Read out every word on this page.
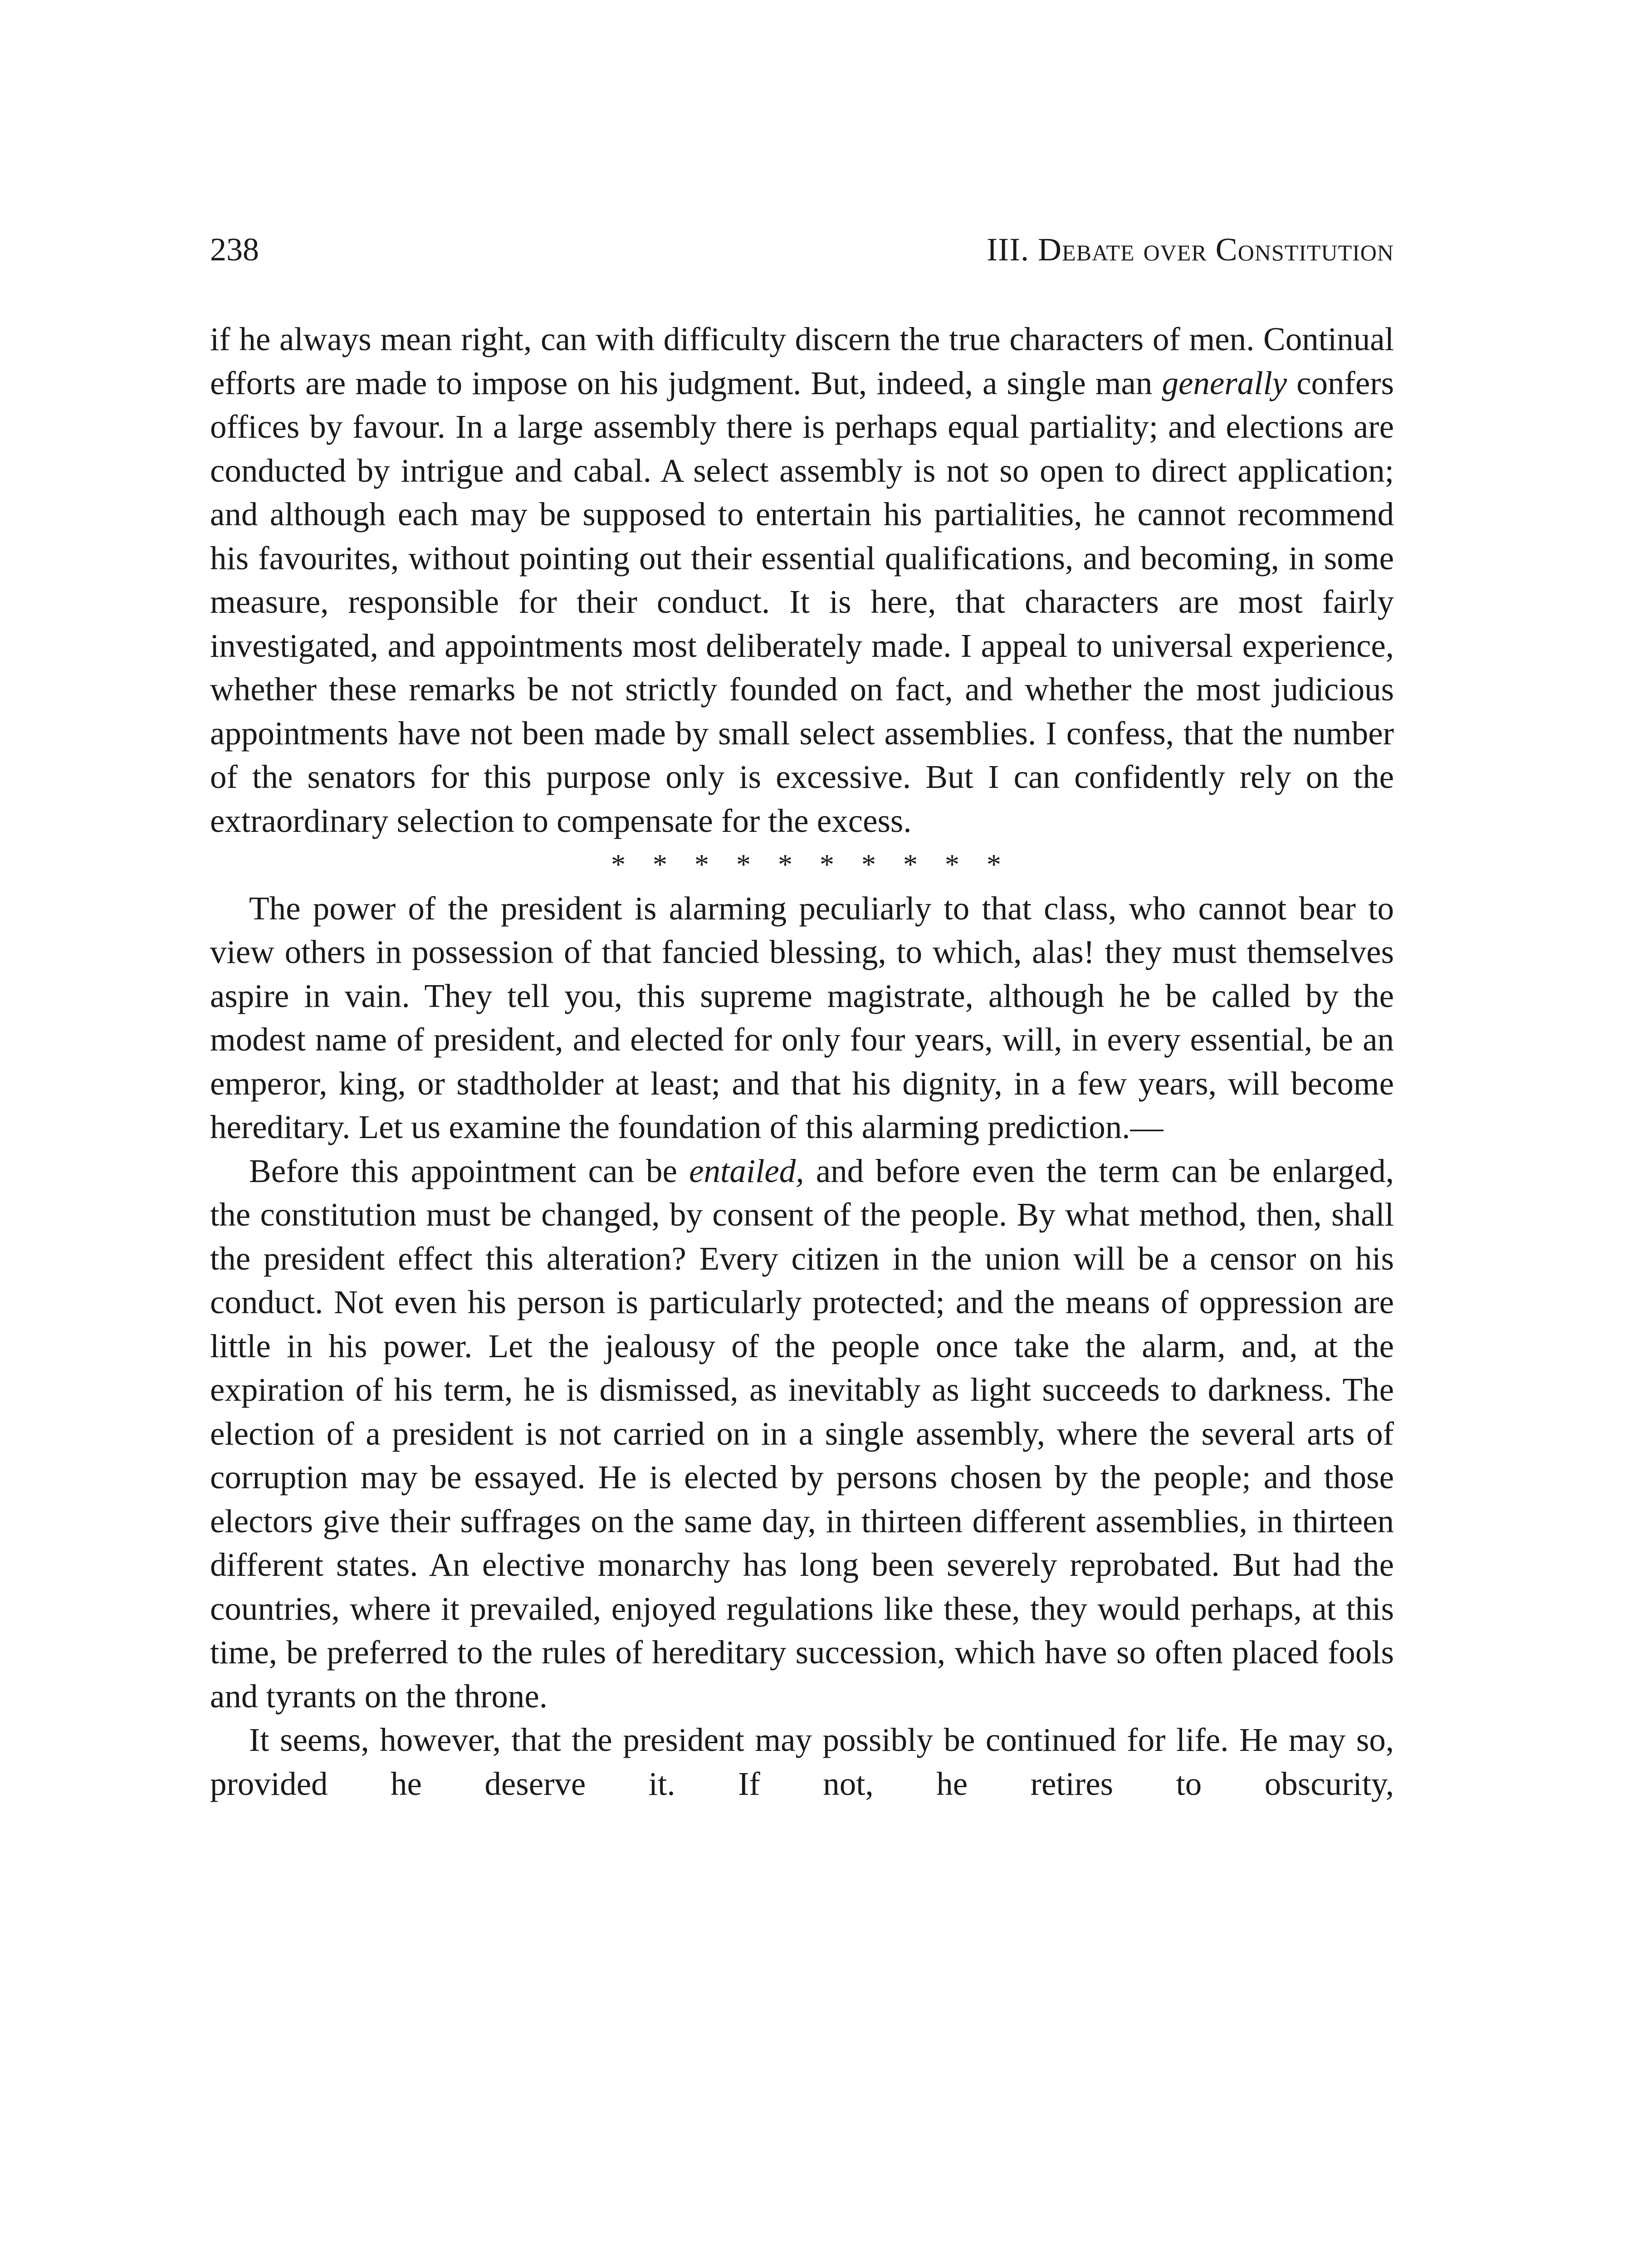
238	III. Debate over Constitution

if he always mean right, can with difficulty discern the true characters of men. Continual efforts are made to impose on his judgment. But, indeed, a single man generally confers offices by favour. In a large assembly there is perhaps equal partiality; and elections are conducted by intrigue and cabal. A select assembly is not so open to direct application; and although each may be supposed to entertain his partialities, he cannot recommend his favourites, without pointing out their essential qualifications, and becoming, in some measure, responsible for their conduct. It is here, that characters are most fairly investigated, and appointments most deliberately made. I appeal to universal experience, whether these remarks be not strictly founded on fact, and whether the most judicious appointments have not been made by small select assemblies. I confess, that the number of the senators for this purpose only is excessive. But I can confidently rely on the extraordinary selection to compensate for the excess.

* * * * * * * * * *

The power of the president is alarming peculiarly to that class, who cannot bear to view others in possession of that fancied blessing, to which, alas! they must themselves aspire in vain. They tell you, this supreme magistrate, although he be called by the modest name of president, and elected for only four years, will, in every essential, be an emperor, king, or stadtholder at least; and that his dignity, in a few years, will become hereditary. Let us examine the foundation of this alarming prediction.—

Before this appointment can be entailed, and before even the term can be enlarged, the constitution must be changed, by consent of the people. By what method, then, shall the president effect this alteration? Every citizen in the union will be a censor on his conduct. Not even his person is particularly protected; and the means of oppression are little in his power. Let the jealousy of the people once take the alarm, and, at the expiration of his term, he is dismissed, as inevitably as light succeeds to darkness. The election of a president is not carried on in a single assembly, where the several arts of corruption may be essayed. He is elected by persons chosen by the people; and those electors give their suffrages on the same day, in thirteen different assemblies, in thirteen different states. An elective monarchy has long been severely reprobated. But had the countries, where it prevailed, enjoyed regulations like these, they would perhaps, at this time, be preferred to the rules of hereditary succession, which have so often placed fools and tyrants on the throne.

It seems, however, that the president may possibly be continued for life. He may so, provided he deserve it. If not, he retires to obscurity,
